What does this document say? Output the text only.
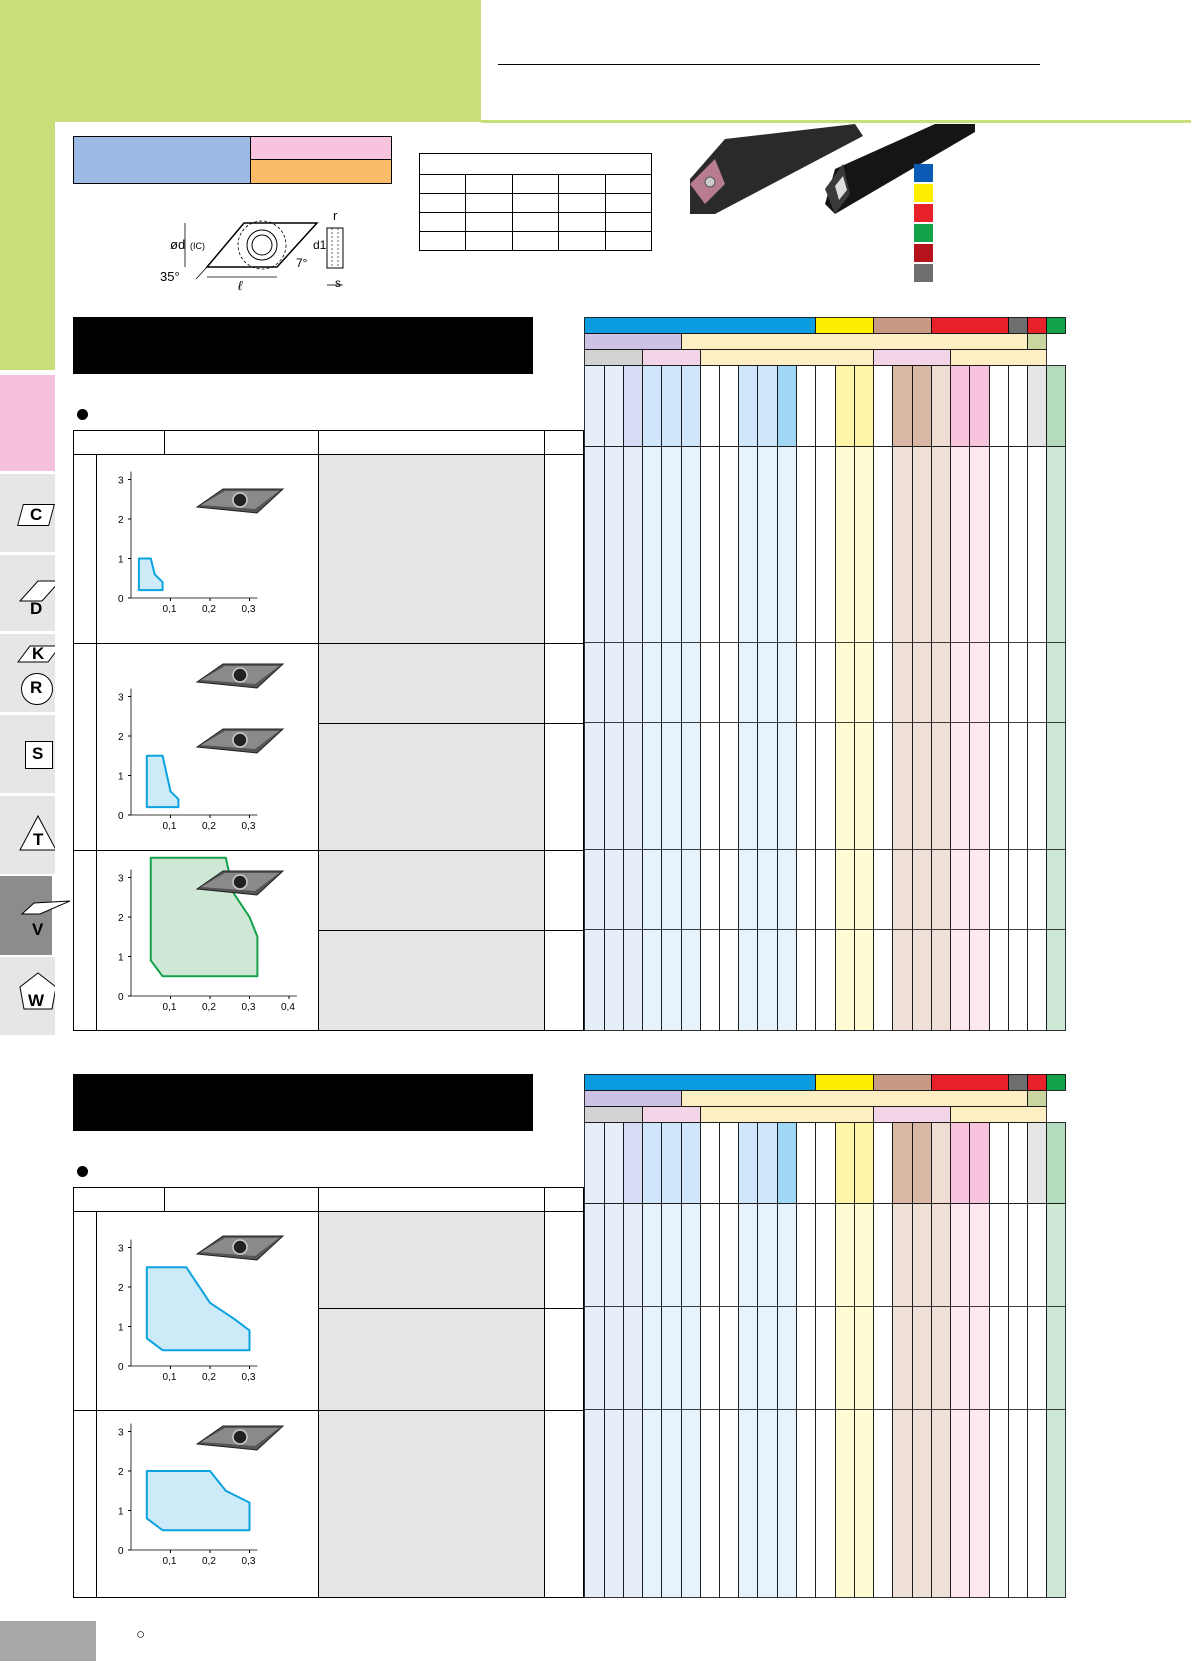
C
D
K
R
S
T
V
W
ød (IC)
r
d1
7°
35°
ℓ	s

0
1
2
3
0,1	0,2	0,3
0
1
2
3
0,1	0,2	0,3
0
1
2
3
0,1	0,2	0,3	0,4
0
1
2
3
0,1	0,2	0,3
0
1
2
3
0,1	0,2	0,3
○
